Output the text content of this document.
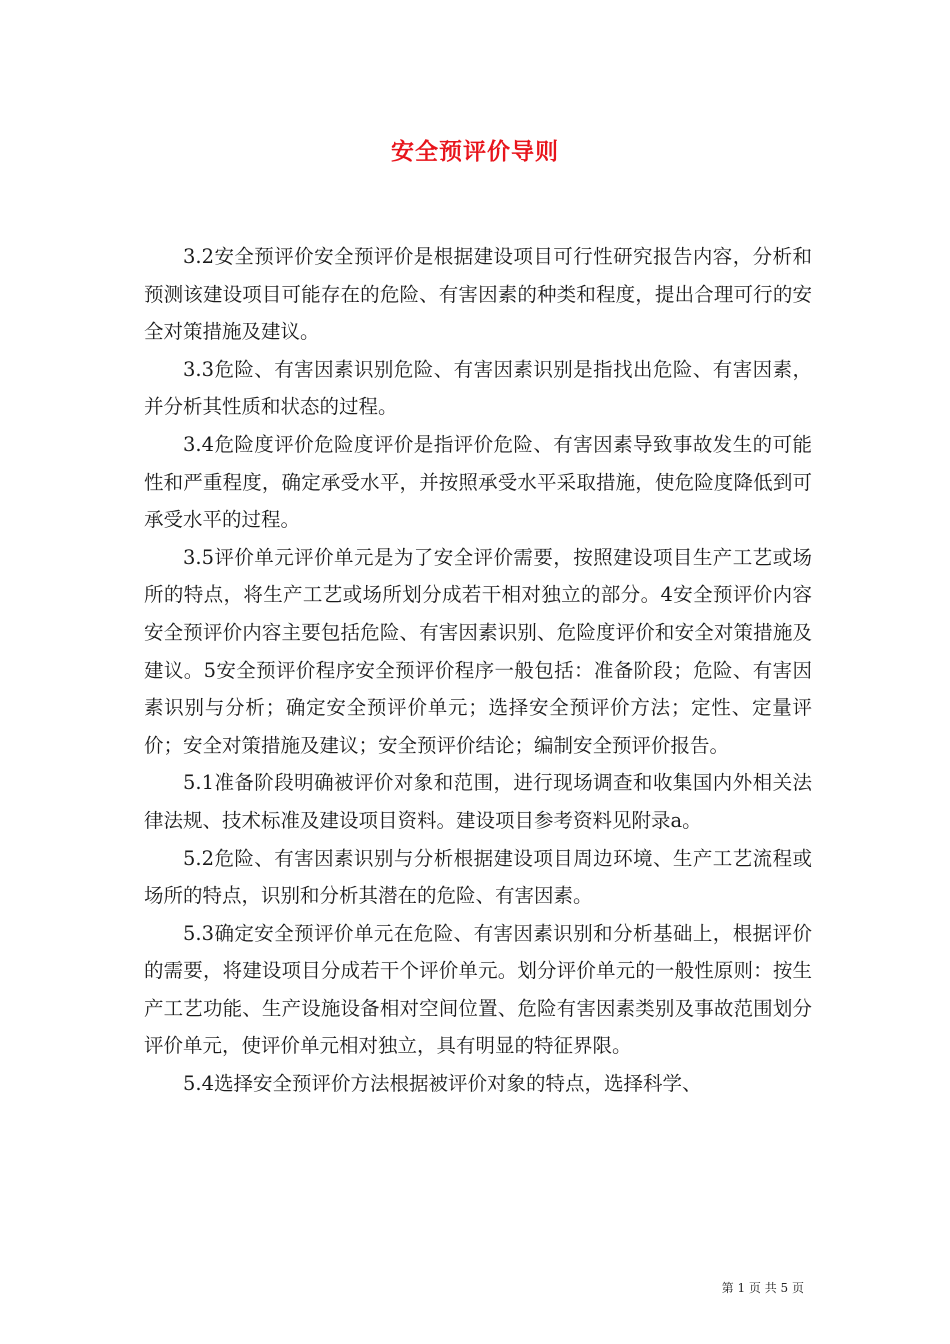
安全预评价导则

3.2安全预评价安全预评价是根据建设项目可行性研究报告内容，分析和预测该建设项目可能存在的危险、有害因素的种类和程度，提出合理可行的安全对策措施及建议。

3.3危险、有害因素识别危险、有害因素识别是指找出危险、有害因素，并分析其性质和状态的过程。

3.4危险度评价危险度评价是指评价危险、有害因素导致事故发生的可能性和严重程度，确定承受水平，并按照承受水平采取措施，使危险度降低到可承受水平的过程。

3.5评价单元评价单元是为了安全评价需要，按照建设项目生产工艺或场所的特点，将生产工艺或场所划分成若干相对独立的部分。4安全预评价内容安全预评价内容主要包括危险、有害因素识别、危险度评价和安全对策措施及建议。5安全预评价程序安全预评价程序一般包括：准备阶段；危险、有害因素识别与分析；确定安全预评价单元；选择安全预评价方法；定性、定量评价；安全对策措施及建议；安全预评价结论；编制安全预评价报告。

5.1准备阶段明确被评价对象和范围，进行现场调查和收集国内外相关法律法规、技术标准及建设项目资料。建设项目参考资料见附录a。

5.2危险、有害因素识别与分析根据建设项目周边环境、生产工艺流程或场所的特点，识别和分析其潜在的危险、有害因素。

5.3确定安全预评价单元在危险、有害因素识别和分析基础上，根据评价的需要，将建设项目分成若干个评价单元。划分评价单元的一般性原则：按生产工艺功能、生产设施设备相对空间位置、危险有害因素类别及事故范围划分评价单元，使评价单元相对独立，具有明显的特征界限。

5.4选择安全预评价方法根据被评价对象的特点，选择科学、

第 1 页 共 5 页
